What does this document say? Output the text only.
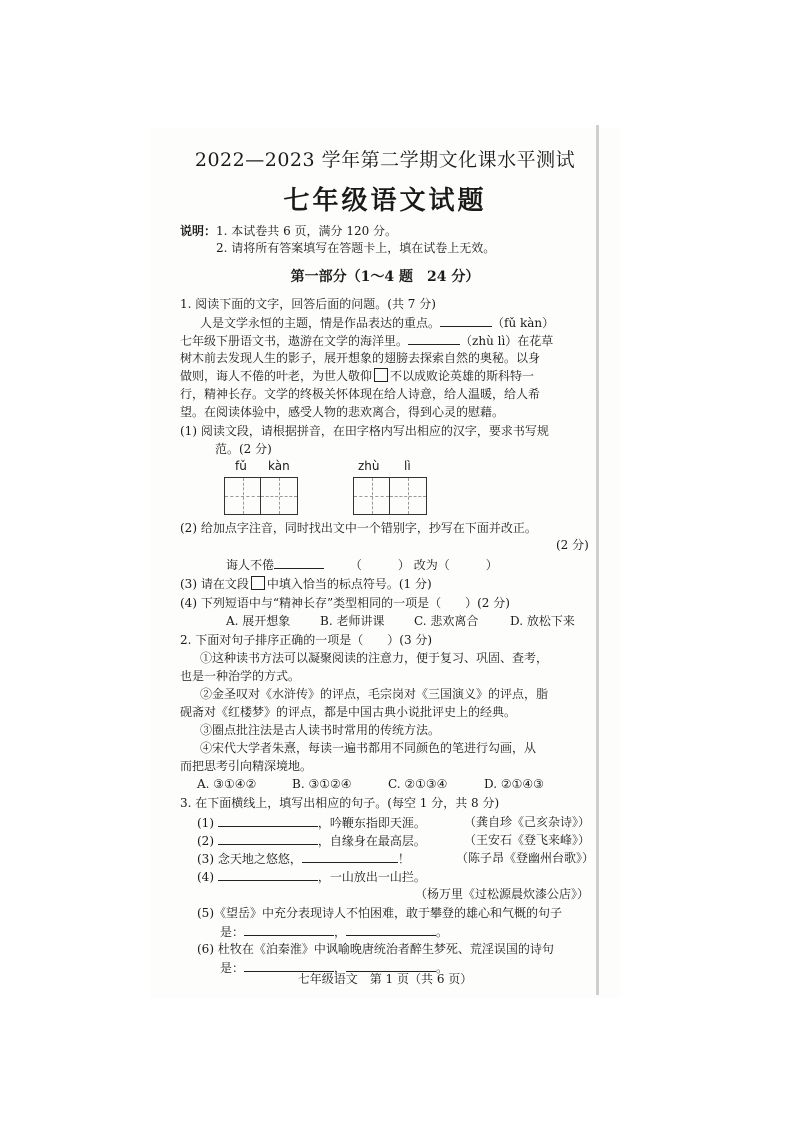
2022—2023 学年第二学期文化课水平测试
七年级语文试题
说明： 1. 本试卷共 6 页，满分 120 分。
2. 请将所有答案填写在答题卡上，填在试卷上无效。
第一部分（1～4 题　24 分）
1. 阅读下面的文字，回答后面的问题。(共 7 分)
人是文学永恒的主题，情是作品表达的重点。	（fǔ kàn）
七年级下册语文书，遨游在文学的海洋里。	（zhù lì）在花草
树木前去发现人生的影子，展开想象的翅膀去探索自然的奥秘。以身
做则，诲人不倦的叶老，为世人敬仰 不以成败论英雄的斯科特一
行，精神长存。文学的终极关怀体现在给人诗意，给人温暖，给人希
望。在阅读体验中，感受人物的悲欢离合，得到心灵的慰藉。
(1) 阅读文段，请根据拼音，在田字格内写出相应的汉字，要求书写规
范。(2 分)
fǔ kàn	zhù lì
(2) 给加点字注音，同时找出文中一个错别字，抄写在下面并改正。
(2 分)
诲人不倦	（　　　） 改为（　　　）
(3) 请在文段 中填入恰当的标点符号。(1 分)
(4) 下列短语中与“精神长存”类型相同的一项是（　　）(2 分)
A. 展开想象 B. 老师讲课 C. 悲欢离合	D. 放松下来
2. 下面对句子排序正确的一项是（　　）(3 分)
①这种读书方法可以凝聚阅读的注意力，便于复习、巩固、查考，
也是一种治学的方式。
②金圣叹对《水浒传》的评点，毛宗岗对《三国演义》的评点，脂
砚斋对《红楼梦》的评点，都是中国古典小说批评史上的经典。
③圈点批注法是古人读书时常用的传统方法。
④宋代大学者朱熹，每读一遍书都用不同颜色的笔进行勾画，从
而把思考引向精深境地。
A. ③①④②	B. ③①②④	C. ②①③④	D. ②①④③
3. 在下面横线上，填写出相应的句子。(每空 1 分，共 8 分)
(1)	，吟鞭东指即天涯。	（龚自珍《己亥杂诗》）
(2)	，自缘身在最高层。	（王安石《登飞来峰》）
(3) 念天地之悠悠，	！	（陈子昂《登幽州台歌》）
(4)	，一山放出一山拦。
（杨万里《过松源晨炊漆公店》）
(5)《望岳》中充分表现诗人不怕困难，敢于攀登的雄心和气概的句子
是：	，	。
(6) 杜牧在《泊秦淮》中讽喻晚唐统治者醉生梦死、荒淫误国的诗句
是：	，	。
七年级语文　第 1 页（共 6 页）
